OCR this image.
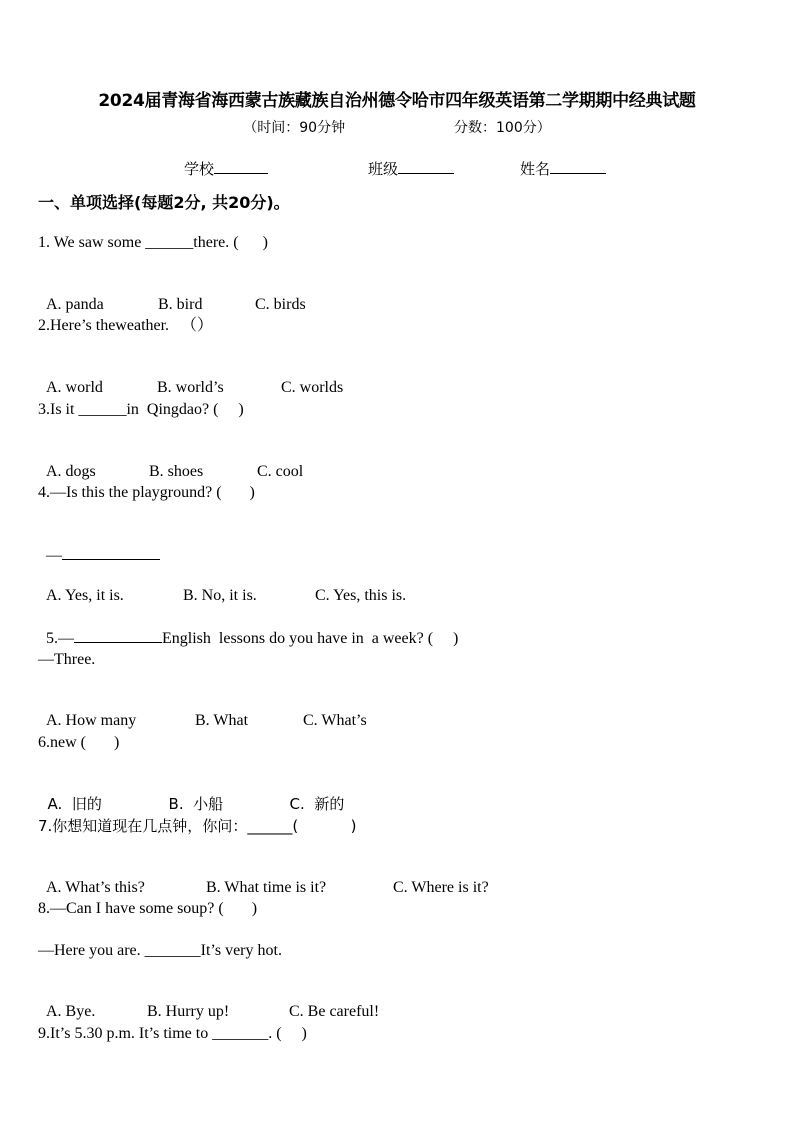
2024届青海省海西蒙古族藏族自治州德令哈市四年级英语第二学期期中经典试题
（时间：90分钟	分数：100分）
学校	班级	姓名
一、单项选择(每题2分, 共20分)。
1. We saw some ______there. (      )

A. panda	B. bird	C. birds

2.Here’s theweather.   （）

A. world	B. world’s	C. worlds

3.Is it ______in  Qingdao? (     )

A. dogs	B. shoes	C. cool

4.—Is this the playground? (       )

—

A. Yes, it is.	B. No, it is.	C. Yes, this is.

5.—	English  lessons do you have in  a week? (     )

—Three.

A. How many	B. What	C. What’s

6.new (       )

A.  旧的	B.  小船	C.  新的

7.你想知道现在几点钟，你问：______(           )

A. What’s this?	B. What time is it?	C. Where is it?

8.—Can I have some soup? (       )
—Here you are. _______It’s very hot.

A. Bye.	B. Hurry up!	C. Be careful!

9.It’s 5.30 p.m. It’s time to _______. (     )
